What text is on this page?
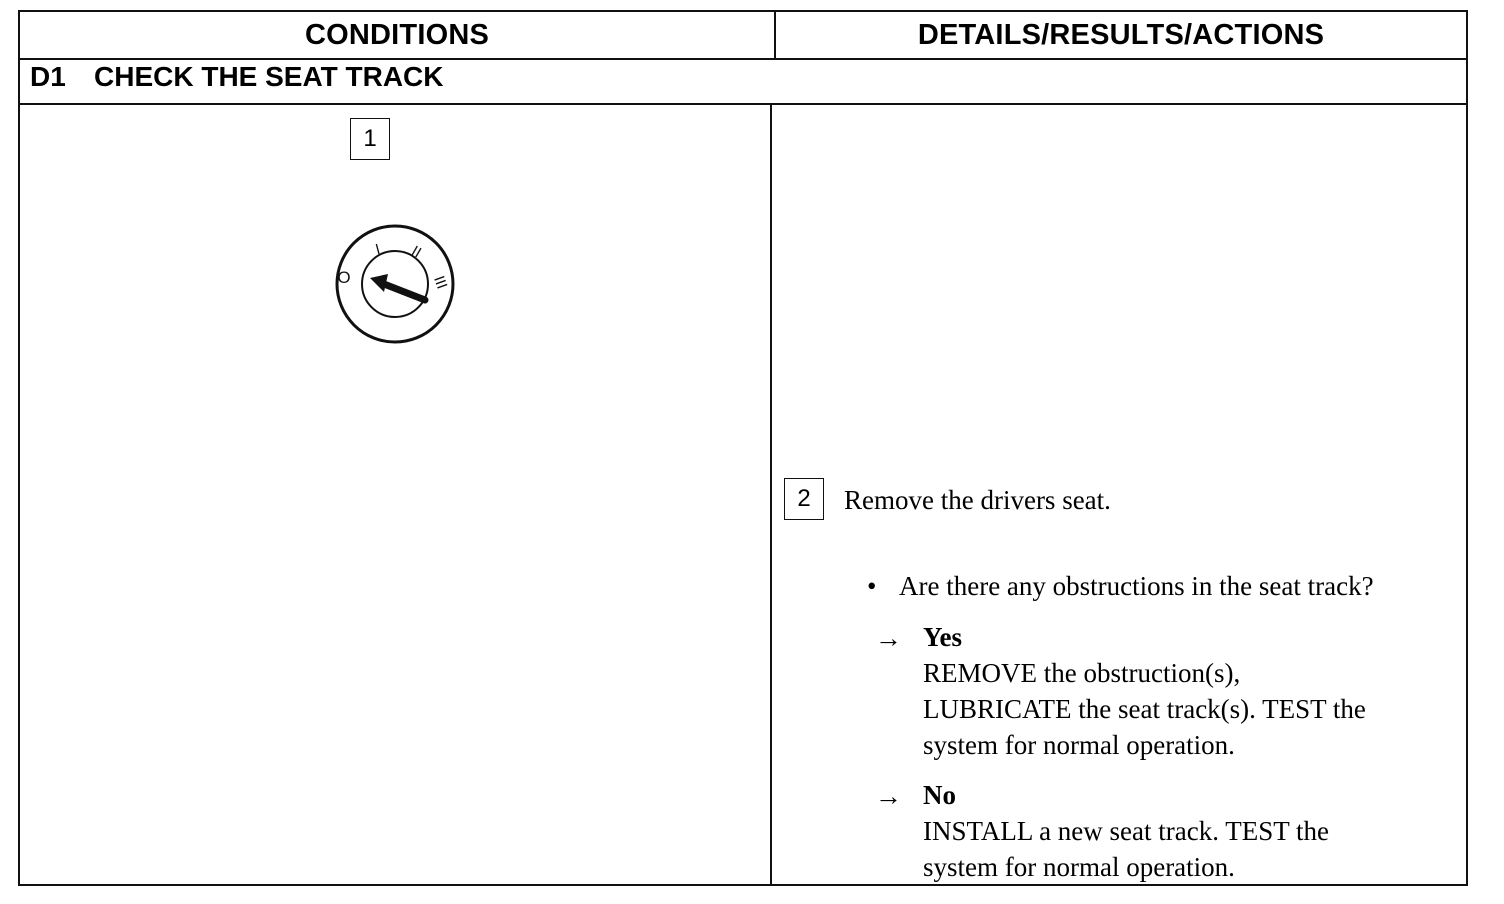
CONDITIONS	DETAILS/RESULTS/ACTIONS
D1 CHECK THE SEAT TRACK
1
O
I II
III
2	Remove the drivers seat.
• Are there any obstructions in the seat track?
→ Yes
REMOVE the obstruction(s),
LUBRICATE the seat track(s). TEST the
system for normal operation.
→ No
INSTALL a new seat track. TEST the
system for normal operation.
